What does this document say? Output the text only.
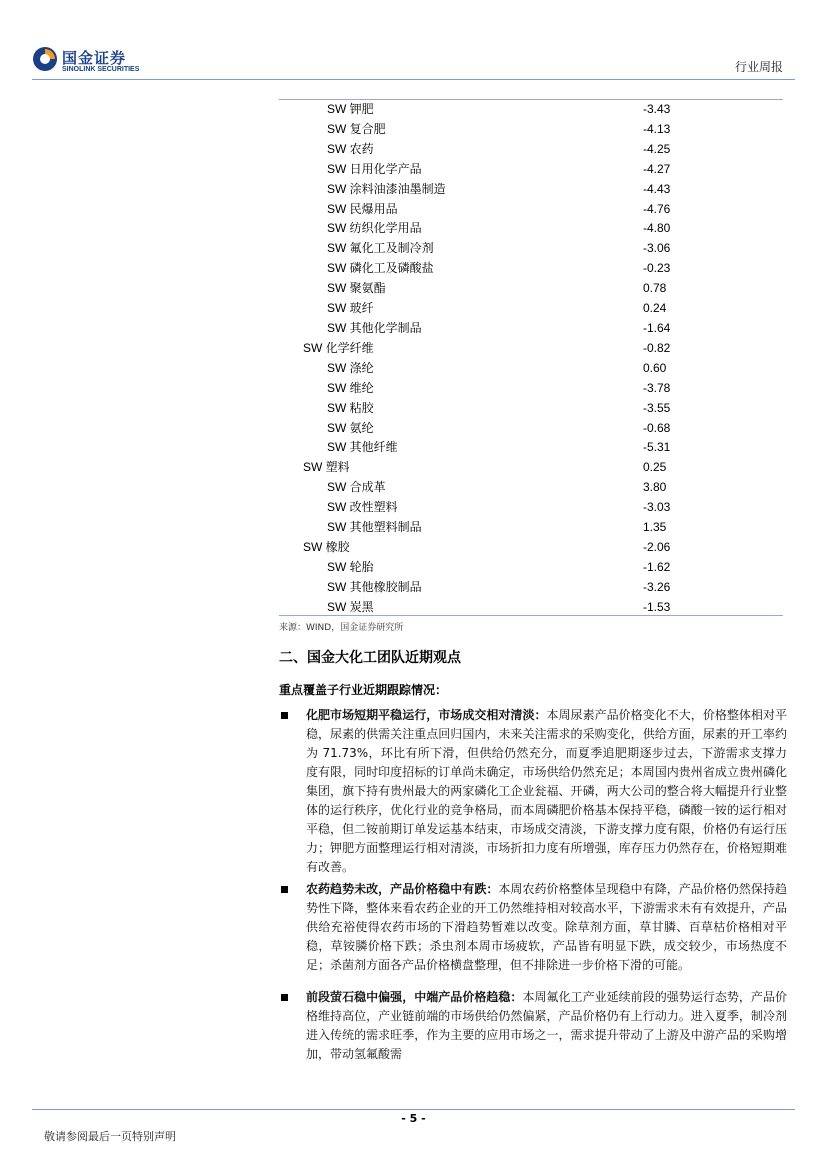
国金证券
SINOLINK SECURITIES	行业周报
SW 钾肥	-3.43
SW 复合肥	-4.13
SW 农药	-4.25
SW 日用化学产品	-4.27
SW 涂料油漆油墨制造	-4.43
SW 民爆用品	-4.76
SW 纺织化学用品	-4.80
SW 氟化工及制冷剂	-3.06
SW 磷化工及磷酸盐	-0.23
SW 聚氨酯	0.78
SW 玻纤	0.24
SW 其他化学制品	-1.64
SW 化学纤维	-0.82
SW 涤纶	0.60
SW 维纶	-3.78
SW 粘胶	-3.55
SW 氨纶	-0.68
SW 其他纤维	-5.31
SW 塑料	0.25
SW 合成革	3.80
SW 改性塑料	-3.03
SW 其他塑料制品	1.35
SW 橡胶	-2.06
SW 轮胎	-1.62
SW 其他橡胶制品	-3.26
SW 炭黑	-1.53
来源：WIND，国金证券研究所
二、国金大化工团队近期观点
重点覆盖子行业近期跟踪情况：
化肥市场短期平稳运行，市场成交相对清淡：本周尿素产品价格变化不大，价格整体相对平稳，尿素的供需关注重点回归国内，未来关注需求的采购变化，供给方面，尿素的开工率约为 71.73%，环比有所下滑，但供给仍然充分，而夏季追肥期逐步过去，下游需求支撑力度有限，同时印度招标的订单尚未确定，市场供给仍然充足；本周国内贵州省成立贵州磷化集团，旗下持有贵州最大的两家磷化工企业瓮福、开磷，两大公司的整合将大幅提升行业整体的运行秩序，优化行业的竞争格局，而本周磷肥价格基本保持平稳，磷酸一铵的运行相对平稳，但二铵前期订单发运基本结束，市场成交清淡，下游支撑力度有限，价格仍有运行压力；钾肥方面整理运行相对清淡，市场折扣力度有所增强，库存压力仍然存在，价格短期难有改善。
农药趋势未改，产品价格稳中有跌：本周农药价格整体呈现稳中有降，产品价格仍然保持趋势性下降，整体来看农药企业的开工仍然维持相对较高水平，下游需求未有有效提升，产品供给充裕使得农药市场的下滑趋势暂难以改变。除草剂方面，草甘膦、百草枯价格相对平稳，草铵膦价格下跌；杀虫剂本周市场疲软，产品皆有明显下跌，成交较少，市场热度不足；杀菌剂方面各产品价格横盘整理，但不排除进一步价格下滑的可能。
前段萤石稳中偏强，中端产品价格趋稳：本周氟化工产业延续前段的强势运行态势，产品价格维持高位，产业链前端的市场供给仍然偏紧，产品价格仍有上行动力。进入夏季，制冷剂进入传统的需求旺季，作为主要的应用市场之一，需求提升带动了上游及中游产品的采购增加，带动氢氟酸需
- 5 -
敬请参阅最后一页特别声明
